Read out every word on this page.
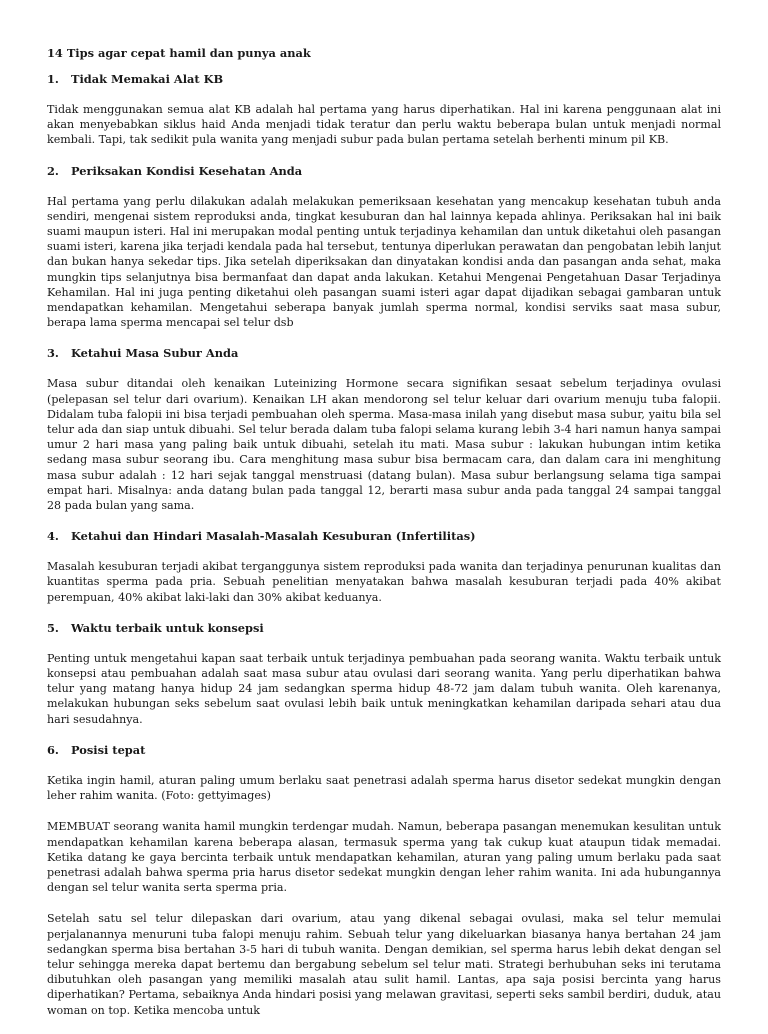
14 Tips agar cepat hamil dan punya anak
1.	Tidak Memakai Alat KB

Tidak menggunakan semua alat KB adalah hal pertama yang harus diperhatikan. Hal ini karena penggunaan alat ini akan menyebabkan siklus haid Anda menjadi tidak teratur dan perlu waktu beberapa bulan untuk menjadi normal kembali. Tapi, tak sedikit pula wanita yang menjadi subur pada bulan pertama setelah berhenti minum pil KB.

2.	Periksakan Kondisi Kesehatan Anda

Hal pertama yang perlu dilakukan adalah melakukan pemeriksaan kesehatan yang mencakup kesehatan tubuh anda sendiri, mengenai sistem reproduksi anda, tingkat kesuburan dan hal lainnya kepada ahlinya. Periksakan hal ini baik suami maupun isteri. Hal ini merupakan modal penting untuk terjadinya kehamilan dan untuk diketahui oleh pasangan suami isteri, karena jika terjadi kendala pada hal tersebut, tentunya diperlukan perawatan dan pengobatan lebih lanjut dan bukan hanya sekedar tips. Jika setelah diperiksakan dan dinyatakan kondisi anda dan pasangan anda sehat, maka mungkin tips selanjutnya bisa bermanfaat dan dapat anda lakukan. Ketahui Mengenai Pengetahuan Dasar Terjadinya Kehamilan. Hal ini juga penting diketahui oleh pasangan suami isteri agar dapat dijadikan sebagai gambaran untuk mendapatkan kehamilan. Mengetahui seberapa banyak jumlah sperma normal, kondisi serviks saat masa subur, berapa lama sperma mencapai sel telur dsb

3.	Ketahui Masa Subur Anda

Masa subur ditandai oleh kenaikan Luteinizing Hormone secara signifikan sesaat sebelum terjadinya ovulasi (pelepasan sel telur dari ovarium). Kenaikan LH akan mendorong sel telur keluar dari ovarium menuju tuba falopii. Didalam tuba falopii ini bisa terjadi pembuahan oleh sperma. Masa-masa inilah yang disebut masa subur, yaitu bila sel telur ada dan siap untuk dibuahi. Sel telur berada dalam tuba falopi selama kurang lebih 3-4 hari namun hanya sampai umur 2 hari masa yang paling baik untuk dibuahi, setelah itu mati. Masa subur : lakukan hubungan intim ketika sedang masa subur seorang ibu. Cara menghitung masa subur bisa bermacam cara, dan dalam cara ini menghitung masa subur adalah : 12 hari sejak tanggal menstruasi (datang bulan). Masa subur berlangsung selama tiga sampai empat hari. Misalnya: anda datang bulan pada tanggal 12, berarti masa subur anda pada tanggal 24 sampai tanggal 28 pada bulan yang sama.

4.	Ketahui dan Hindari Masalah-Masalah Kesuburan (Infertilitas)

Masalah kesuburan terjadi akibat terganggunya sistem reproduksi pada wanita dan terjadinya penurunan kualitas dan kuantitas sperma pada pria. Sebuah penelitian menyatakan bahwa masalah kesuburan terjadi pada 40% akibat perempuan, 40% akibat laki-laki dan 30% akibat keduanya.

5.	Waktu terbaik untuk konsepsi

Penting untuk mengetahui kapan saat terbaik untuk terjadinya pembuahan pada seorang wanita. Waktu terbaik untuk konsepsi atau pembuahan adalah saat masa subur atau ovulasi dari seorang wanita. Yang perlu diperhatikan bahwa telur yang matang hanya hidup 24 jam sedangkan sperma hidup 48-72 jam dalam tubuh wanita. Oleh karenanya, melakukan hubungan seks sebelum saat ovulasi lebih baik untuk meningkatkan kehamilan daripada sehari atau dua hari sesudahnya.

6.	Posisi tepat

Ketika ingin hamil, aturan paling umum berlaku saat penetrasi adalah sperma harus disetor sedekat mungkin dengan leher rahim wanita. (Foto: gettyimages)

MEMBUAT seorang wanita hamil mungkin terdengar mudah. Namun, beberapa pasangan menemukan kesulitan untuk mendapatkan kehamilan karena beberapa alasan, termasuk sperma yang tak cukup kuat ataupun tidak memadai. Ketika datang ke gaya bercinta terbaik untuk mendapatkan kehamilan, aturan yang paling umum berlaku pada saat penetrasi adalah bahwa sperma pria harus disetor sedekat mungkin dengan leher rahim wanita. Ini ada hubungannya dengan sel telur wanita serta sperma pria.

Setelah satu sel telur dilepaskan dari ovarium, atau yang dikenal sebagai ovulasi, maka sel telur memulai perjalanannya menuruni tuba falopi menuju rahim. Sebuah telur yang dikeluarkan biasanya hanya bertahan 24 jam sedangkan sperma bisa bertahan 3-5 hari di tubuh wanita. Dengan demikian, sel sperma harus lebih dekat dengan sel telur sehingga mereka dapat bertemu dan bergabung sebelum sel telur mati. Strategi berhubuhan seks ini terutama dibutuhkan oleh pasangan yang memiliki masalah atau sulit hamil. Lantas, apa saja posisi bercinta yang harus diperhatikan? Pertama, sebaiknya Anda hindari posisi yang melawan gravitasi, seperti seks sambil berdiri, duduk, atau woman on top. Ketika mencoba untuk
